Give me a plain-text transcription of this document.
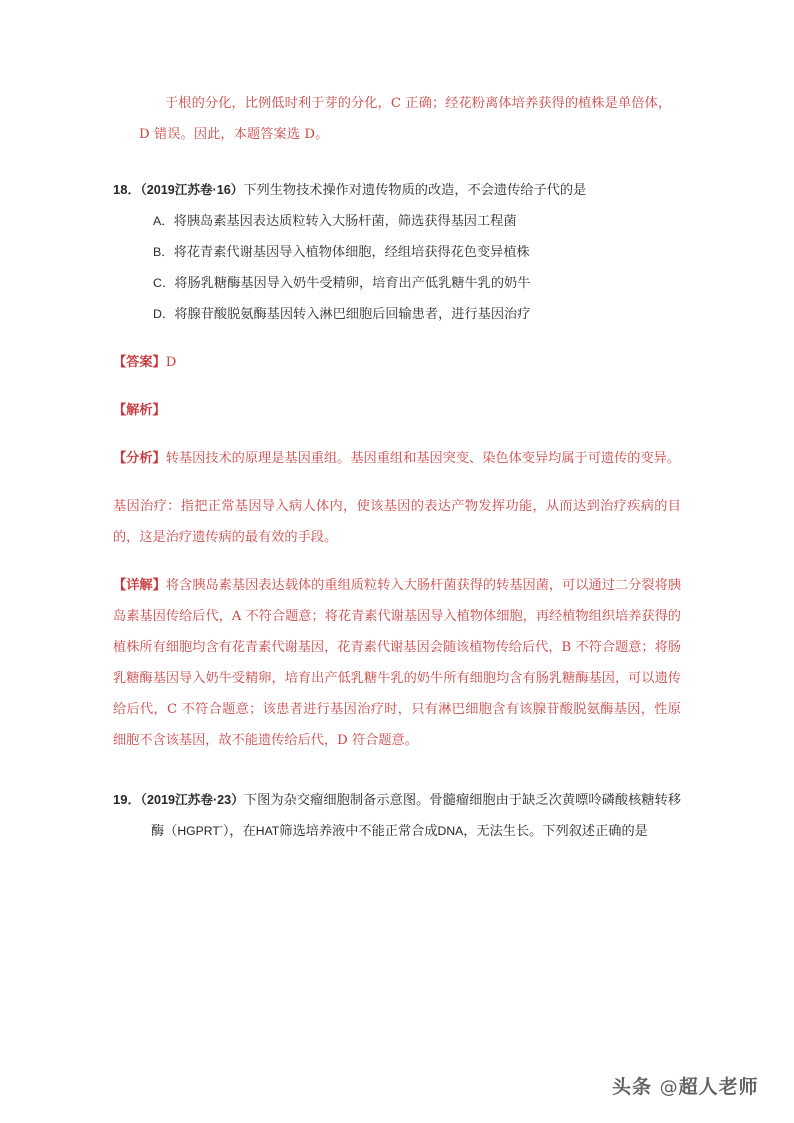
于根的分化，比例低时利于芽的分化，C 正确；经花粉离体培养获得的植株是单倍体，
D 错误。因此，本题答案选 D。
18．（2019江苏卷·16）下列生物技术操作对遗传物质的改造，不会遗传给子代的是
A．将胰岛素基因表达质粒转入大肠杆菌，筛选获得基因工程菌
B．将花青素代谢基因导入植物体细胞，经组培获得花色变异植株
C．将肠乳糖酶基因导入奶牛受精卵，培育出产低乳糖牛乳的奶牛
D．将腺苷酸脱氨酶基因转入淋巴细胞后回输患者，进行基因治疗
【答案】D
【解析】
【分析】转基因技术的原理是基因重组。基因重组和基因突变、染色体变异均属于可遗传的变异。
基因治疗：指把正常基因导入病人体内，使该基因的表达产物发挥功能，从而达到治疗疾病的目的，这是治疗遗传病的最有效的手段。
【详解】将含胰岛素基因表达载体的重组质粒转入大肠杆菌获得的转基因菌，可以通过二分裂将胰岛素基因传给后代，A 不符合题意；将花青素代谢基因导入植物体细胞，再经植物组织培养获得的植株所有细胞均含有花青素代谢基因，花青素代谢基因会随该植物传给后代，B 不符合题意；将肠乳糖酶基因导入奶牛受精卵，培育出产低乳糖牛乳的奶牛所有细胞均含有肠乳糖酶基因，可以遗传给后代，C 不符合题意；该患者进行基因治疗时，只有淋巴细胞含有该腺苷酸脱氨酶基因，性原细胞不含该基因，故不能遗传给后代，D 符合题意。
19．（2019江苏卷·23）下图为杂交瘤细胞制备示意图。骨髓瘤细胞由于缺乏次黄嘌呤磷酸核糖转移酶（HGPRT-），在HAT筛选培养液中不能正常合成DNA，无法生长。下列叙述正确的是
头条 @超人老师
